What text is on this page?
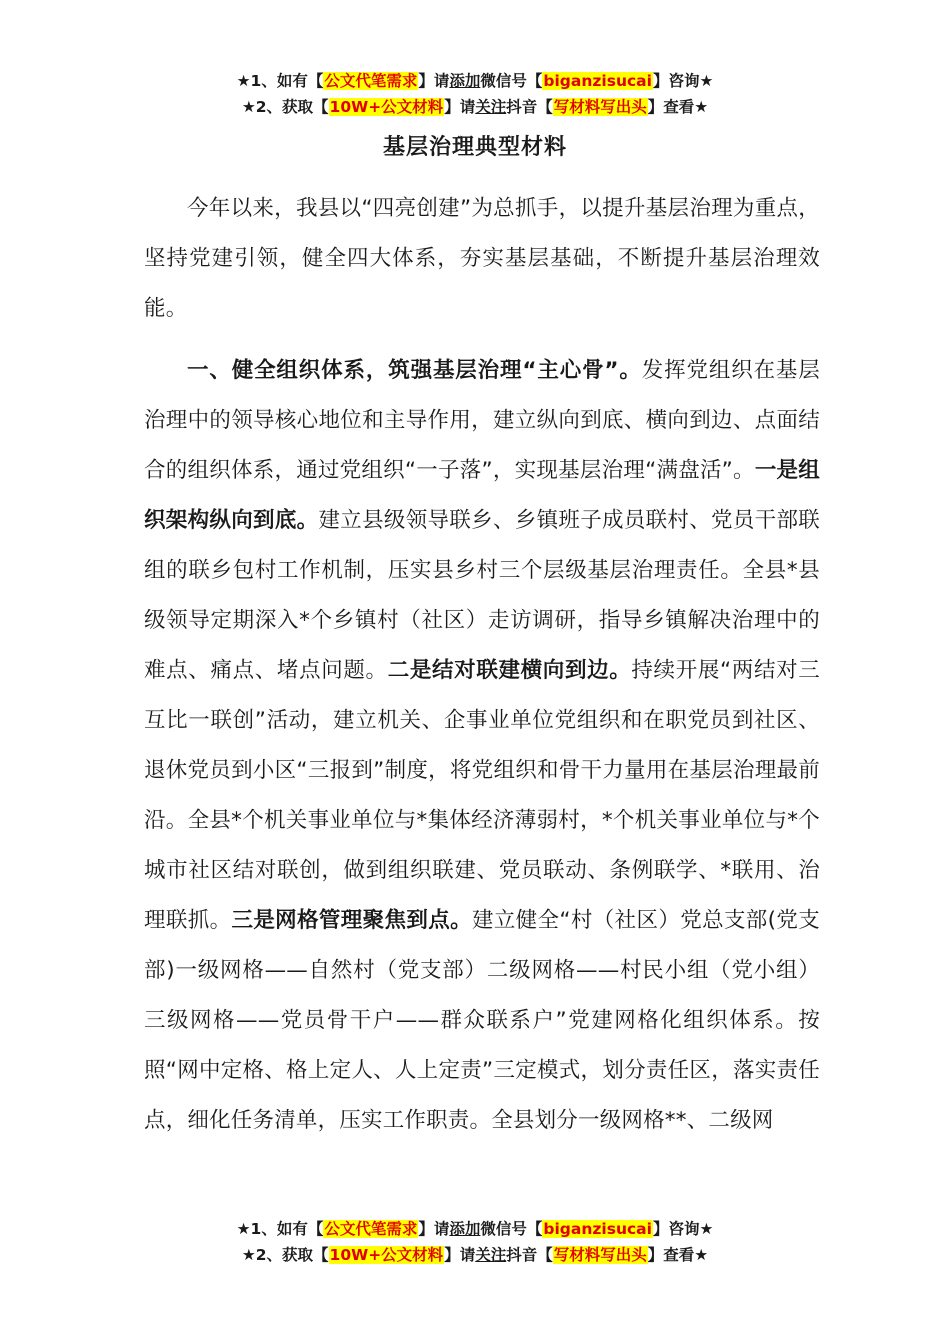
★1、如有【公文代笔需求】请添加微信号【biganzisucai】咨询★
★2、获取【10W+公文材料】请关注抖音【写材料写出头】查看★
基层治理典型材料

今年以来，我县以“四亮创建”为总抓手，以提升基层治理为重点，坚持党建引领，健全四大体系，夯实基层基础，不断提升基层治理效能。

一、健全组织体系，筑强基层治理“主心骨”。发挥党组织在基层治理中的领导核心地位和主导作用，建立纵向到底、横向到边、点面结合的组织体系，通过党组织“一子落”，实现基层治理“满盘活”。一是组织架构纵向到底。建立县级领导联乡、乡镇班子成员联村、党员干部联组的联乡包村工作机制，压实县乡村三个层级基层治理责任。全县*县级领导定期深入*个乡镇村（社区）走访调研，指导乡镇解决治理中的难点、痛点、堵点问题。二是结对联建横向到边。持续开展“两结对三互比一联创”活动，建立机关、企事业单位党组织和在职党员到社区、退休党员到小区“三报到”制度，将党组织和骨干力量用在基层治理最前沿。全县*个机关事业单位与*集体经济薄弱村，*个机关事业单位与*个城市社区结对联创，做到组织联建、党员联动、条例联学、*联用、治理联抓。三是网格管理聚焦到点。建立健全“村（社区）党总支部(党支部)一级网格——自然村（党支部）二级网格——村民小组（党小组）三级网格——党员骨干户——群众联系户”党建网格化组织体系。按照“网中定格、格上定人、人上定责”三定模式，划分责任区，落实责任点，细化任务清单，压实工作职责。全县划分一级网格**、二级网

★1、如有【公文代笔需求】请添加微信号【biganzisucai】咨询★
★2、获取【10W+公文材料】请关注抖音【写材料写出头】查看★
